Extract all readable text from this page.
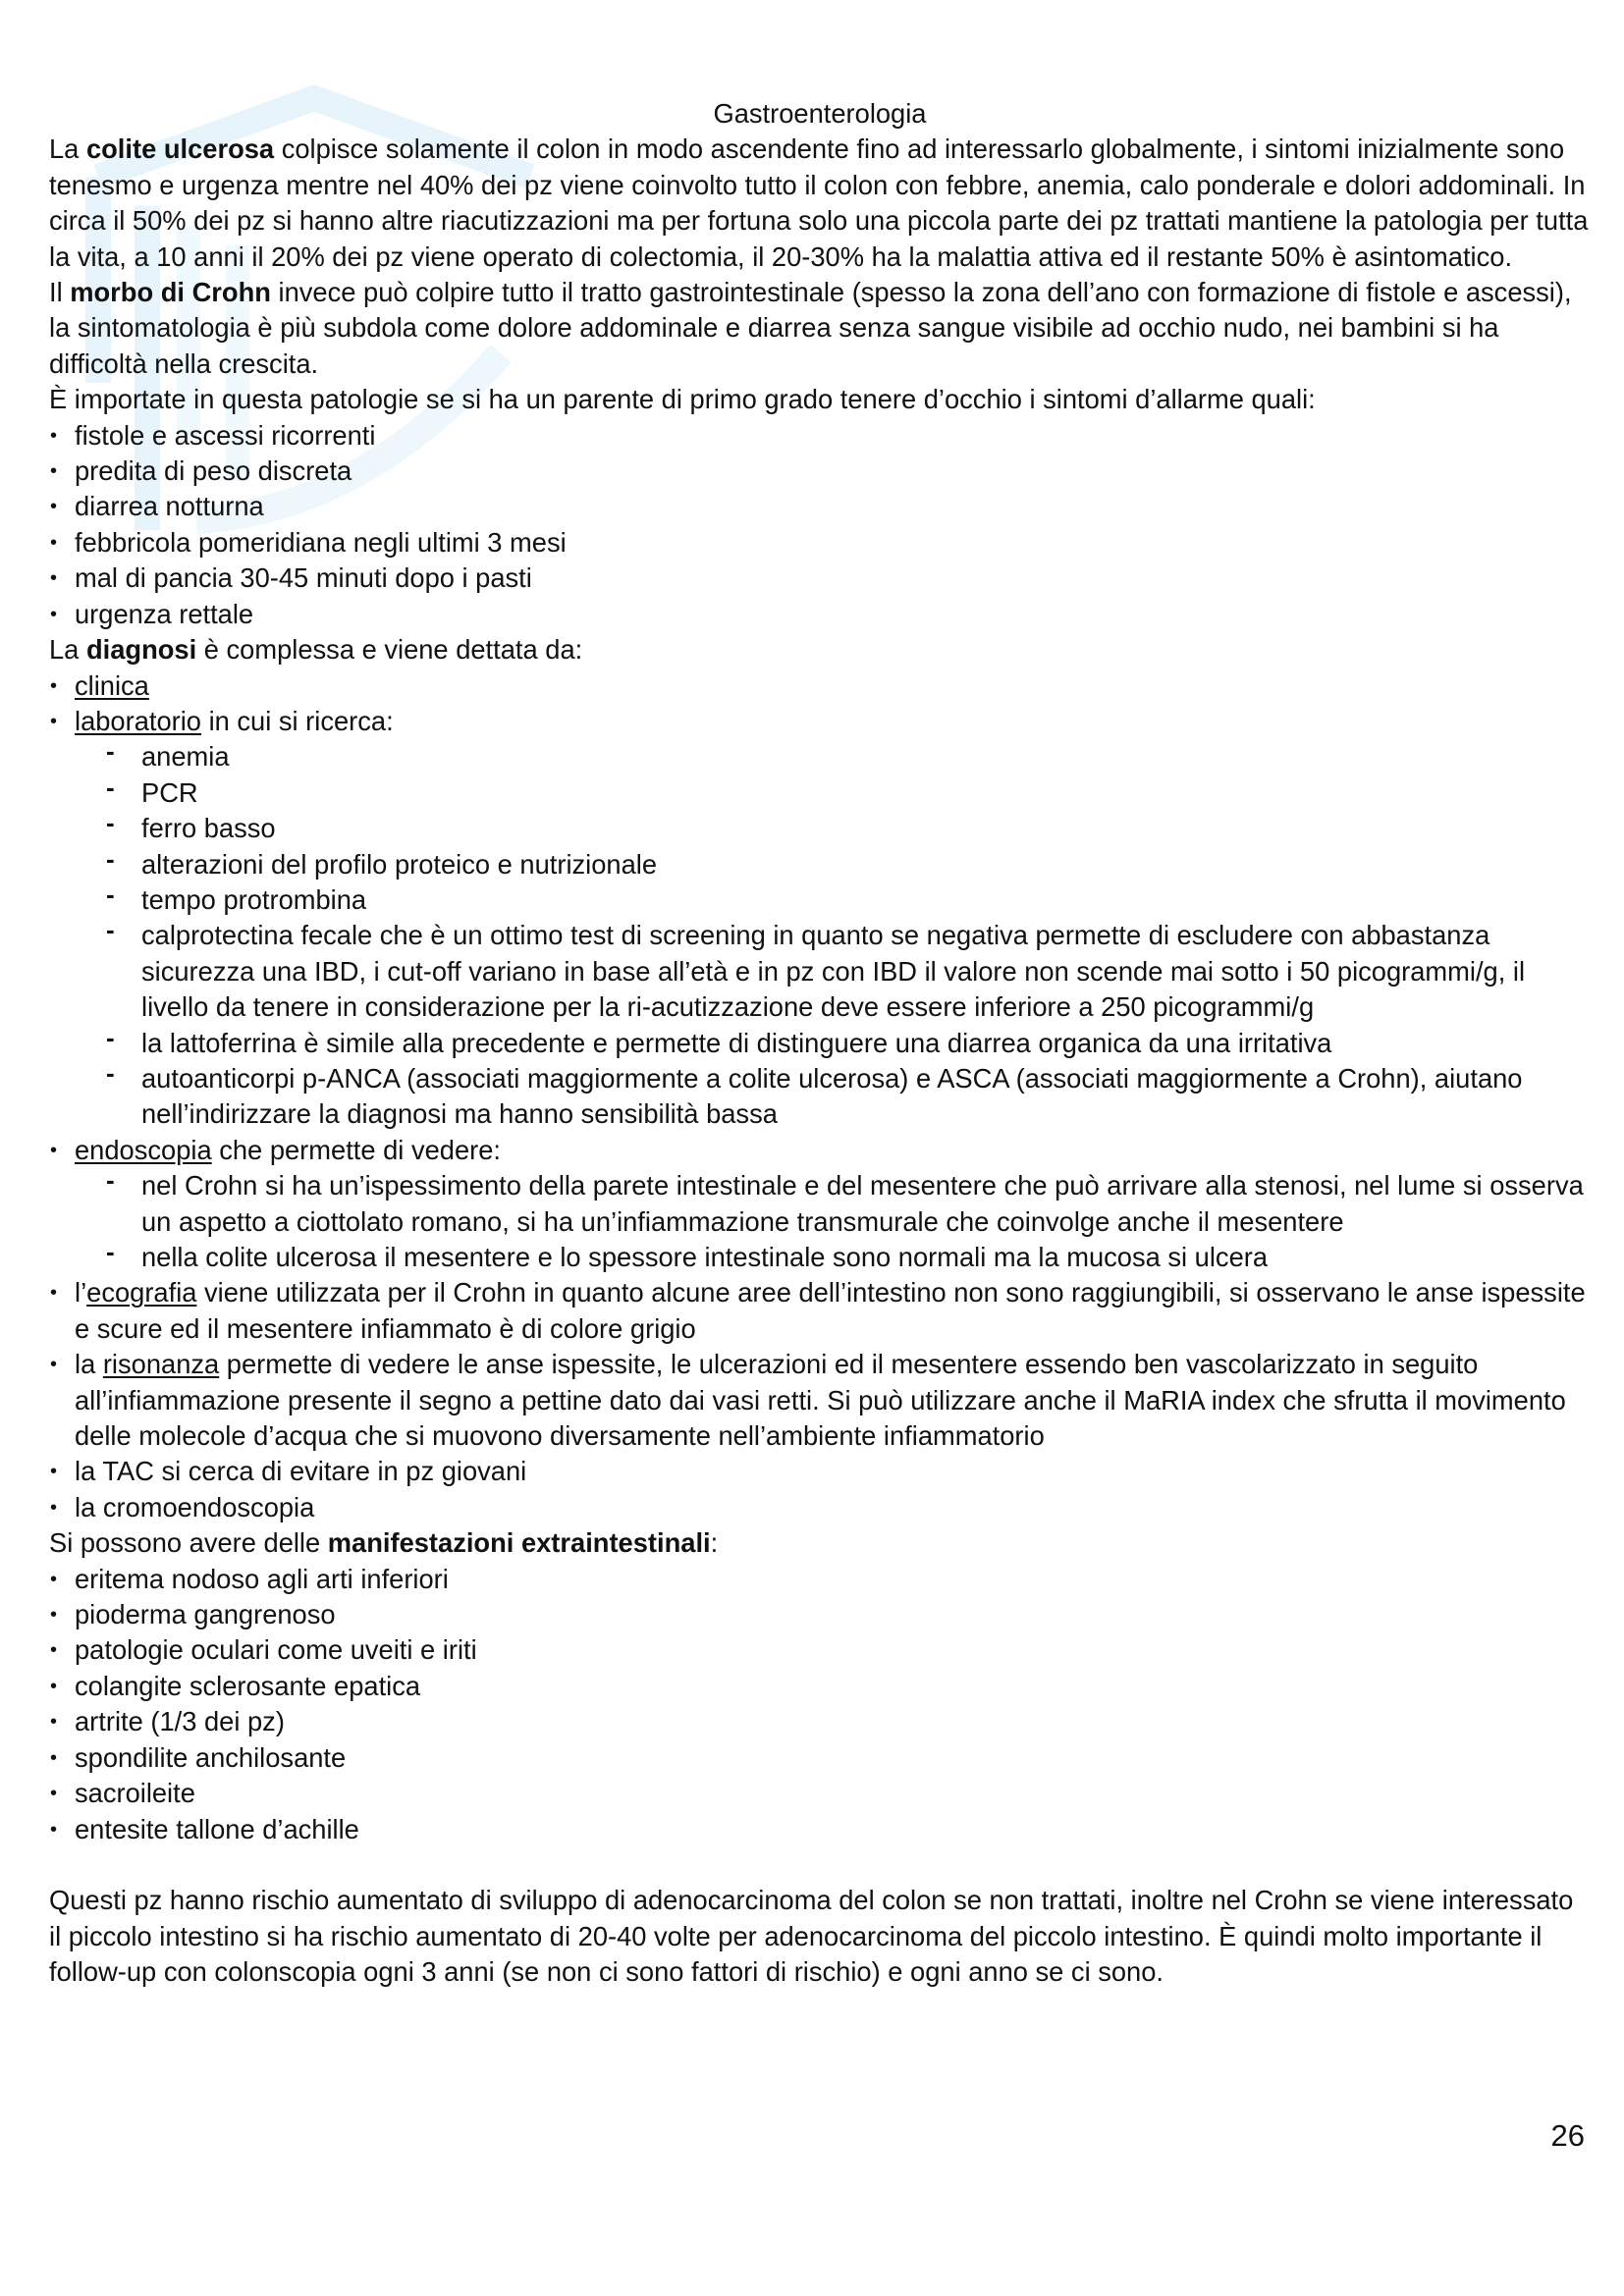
Gastroenterologia

La colite ulcerosa colpisce solamente il colon in modo ascendente fino ad interessarlo globalmente, i sintomi inizialmente sono tenesmo e urgenza mentre nel 40% dei pz viene coinvolto tutto il colon con febbre, anemia, calo ponderale e dolori addominali. In circa il 50% dei pz si hanno altre riacutizzazioni ma per fortuna solo una piccola parte dei pz trattati mantiene la patologia per tutta la vita, a 10 anni il 20% dei pz viene operato di colectomia, il 20-30% ha la malattia attiva ed il restante 50% è asintomatico.

Il morbo di Crohn invece può colpire tutto il tratto gastrointestinale (spesso la zona dell’ano con formazione di fistole e ascessi), la sintomatologia è più subdola come dolore addominale e diarrea senza sangue visibile ad occhio nudo, nei bambini si ha difficoltà nella crescita.

È importate in questa patologie se si ha un parente di primo grado tenere d’occhio i sintomi d’allarme quali:

• fistole e ascessi ricorrenti
• predita di peso discreta
• diarrea notturna
• febbricola pomeridiana negli ultimi 3 mesi
• mal di pancia 30-45 minuti dopo i pasti
• urgenza rettale

La diagnosi è complessa e viene dettata da:

• clinica
• laboratorio in cui si ricerca:
- anemia
- PCR
- ferro basso
- alterazioni del profilo proteico e nutrizionale
- tempo protrombina
- calprotectina fecale che è un ottimo test di screening in quanto se negativa permette di escludere con abbastanza sicurezza una IBD, i cut-off variano in base all’età e in pz con IBD il valore non scende mai sotto i 50 picogrammi/g, il livello da tenere in considerazione per la ri-acutizzazione deve essere inferiore a 250 picogrammi/g
- la lattoferrina è simile alla precedente e permette di distinguere una diarrea organica da una irritativa
- autoanticorpi p-ANCA (associati maggiormente a colite ulcerosa) e ASCA (associati maggiormente a Crohn), aiutano nell’indirizzare la diagnosi ma hanno sensibilità bassa
• endoscopia che permette di vedere:
- nel Crohn si ha un’ispessimento della parete intestinale e del mesentere che può arrivare alla stenosi, nel lume si osserva un aspetto a ciottolato romano, si ha un’infiammazione transmurale che coinvolge anche il mesentere
- nella colite ulcerosa il mesentere e lo spessore intestinale sono normali ma la mucosa si ulcera
• l’ecografia viene utilizzata per il Crohn in quanto alcune aree dell’intestino non sono raggiungibili, si osservano le anse ispessite e scure ed il mesentere infiammato è di colore grigio
• la risonanza permette di vedere le anse ispessite, le ulcerazioni ed il mesentere essendo ben vascolarizzato in seguito all’infiammazione presente il segno a pettine dato dai vasi retti. Si può utilizzare anche il MaRIA index che sfrutta il movimento delle molecole d’acqua che si muovono diversamente nell’ambiente infiammatorio
• la TAC si cerca di evitare in pz giovani
• la cromoendoscopia

Si possono avere delle manifestazioni extraintestinali:

• eritema nodoso agli arti inferiori
• pioderma gangrenoso
• patologie oculari come uveiti e iriti
• colangite sclerosante epatica
• artrite (1/3 dei pz)
• spondilite anchilosante
• sacroileite
• entesite tallone d’achille

Questi pz hanno rischio aumentato di sviluppo di adenocarcinoma del colon se non trattati, inoltre nel Crohn se viene interessato il piccolo intestino si ha rischio aumentato di 20-40 volte per adenocarcinoma del piccolo intestino. È quindi molto importante il follow-up con colonscopia ogni 3 anni (se non ci sono fattori di rischio) e ogni anno se ci sono.

26
